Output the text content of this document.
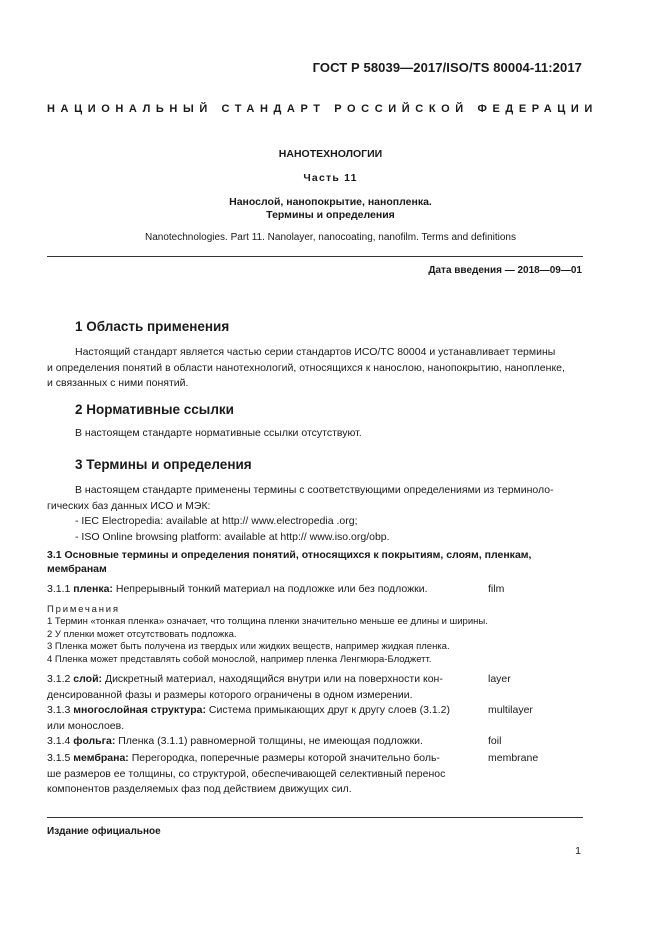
ГОСТ Р 58039—2017/ISO/TS 80004-11:2017
НАЦИОНАЛЬНЫЙ СТАНДАРТ РОССИЙСКОЙ ФЕДЕРАЦИИ
НАНОТЕХНОЛОГИИ
Часть 11
Нанослой, нанопокрытие, нанопленка.
Термины и определения
Nanotechnologies. Part 11. Nanolayer, nanocoating, nanofilm. Terms and definitions
Дата введения — 2018—09—01
1 Область применения
Настоящий стандарт является частью серии стандартов ИСО/ТС 80004 и устанавливает термины
и определения понятий в области нанотехнологий, относящихся к нанослою, нанопокрытию, нанопленке,
и связанных с ними понятий.
2 Нормативные ссылки
В настоящем стандарте нормативные ссылки отсутствуют.
3 Термины и определения
В настоящем стандарте применены термины с соответствующими определениями из терминоло-
гических баз данных ИСО и МЭК:
- IEC Electropedia: available at http:// www.electropedia .org;
- ISO Online browsing platform: available at http:// www.iso.org/obp.
3.1 Основные термины и определения понятий, относящихся к покрытиям, слоям, пленкам,
мембранам
3.1.1 пленка: Непрерывный тонкий материал на подложке или без подложки.	film
Примечания
1 Термин «тонкая пленка» означает, что толщина пленки значительно меньше ее длины и ширины.
2 У пленки может отсутствовать подложка.
3 Пленка может быть получена из твердых или жидких веществ, например жидкая пленка.
4 Пленка может представлять собой монослой, например пленка Ленгмюра-Блоджетт.
3.1.2 слой: Дискретный материал, находящийся внутри или на поверхности кон-
денсированной фазы и размеры которого ограничены в одном измерении.
layer
3.1.3 многослойная структура: Система примыкающих друг к другу слоев (3.1.2)
или монослоев.
multilayer
3.1.4 фольга: Пленка (3.1.1) равномерной толщины, не имеющая подложки.	foil
3.1.5 мембрана: Перегородка, поперечные размеры которой значительно боль-
ше размеров ее толщины, со структурой, обеспечивающей селективный перенос
компонентов разделяемых фаз под действием движущих сил.
membrane
Издание официальное
1
